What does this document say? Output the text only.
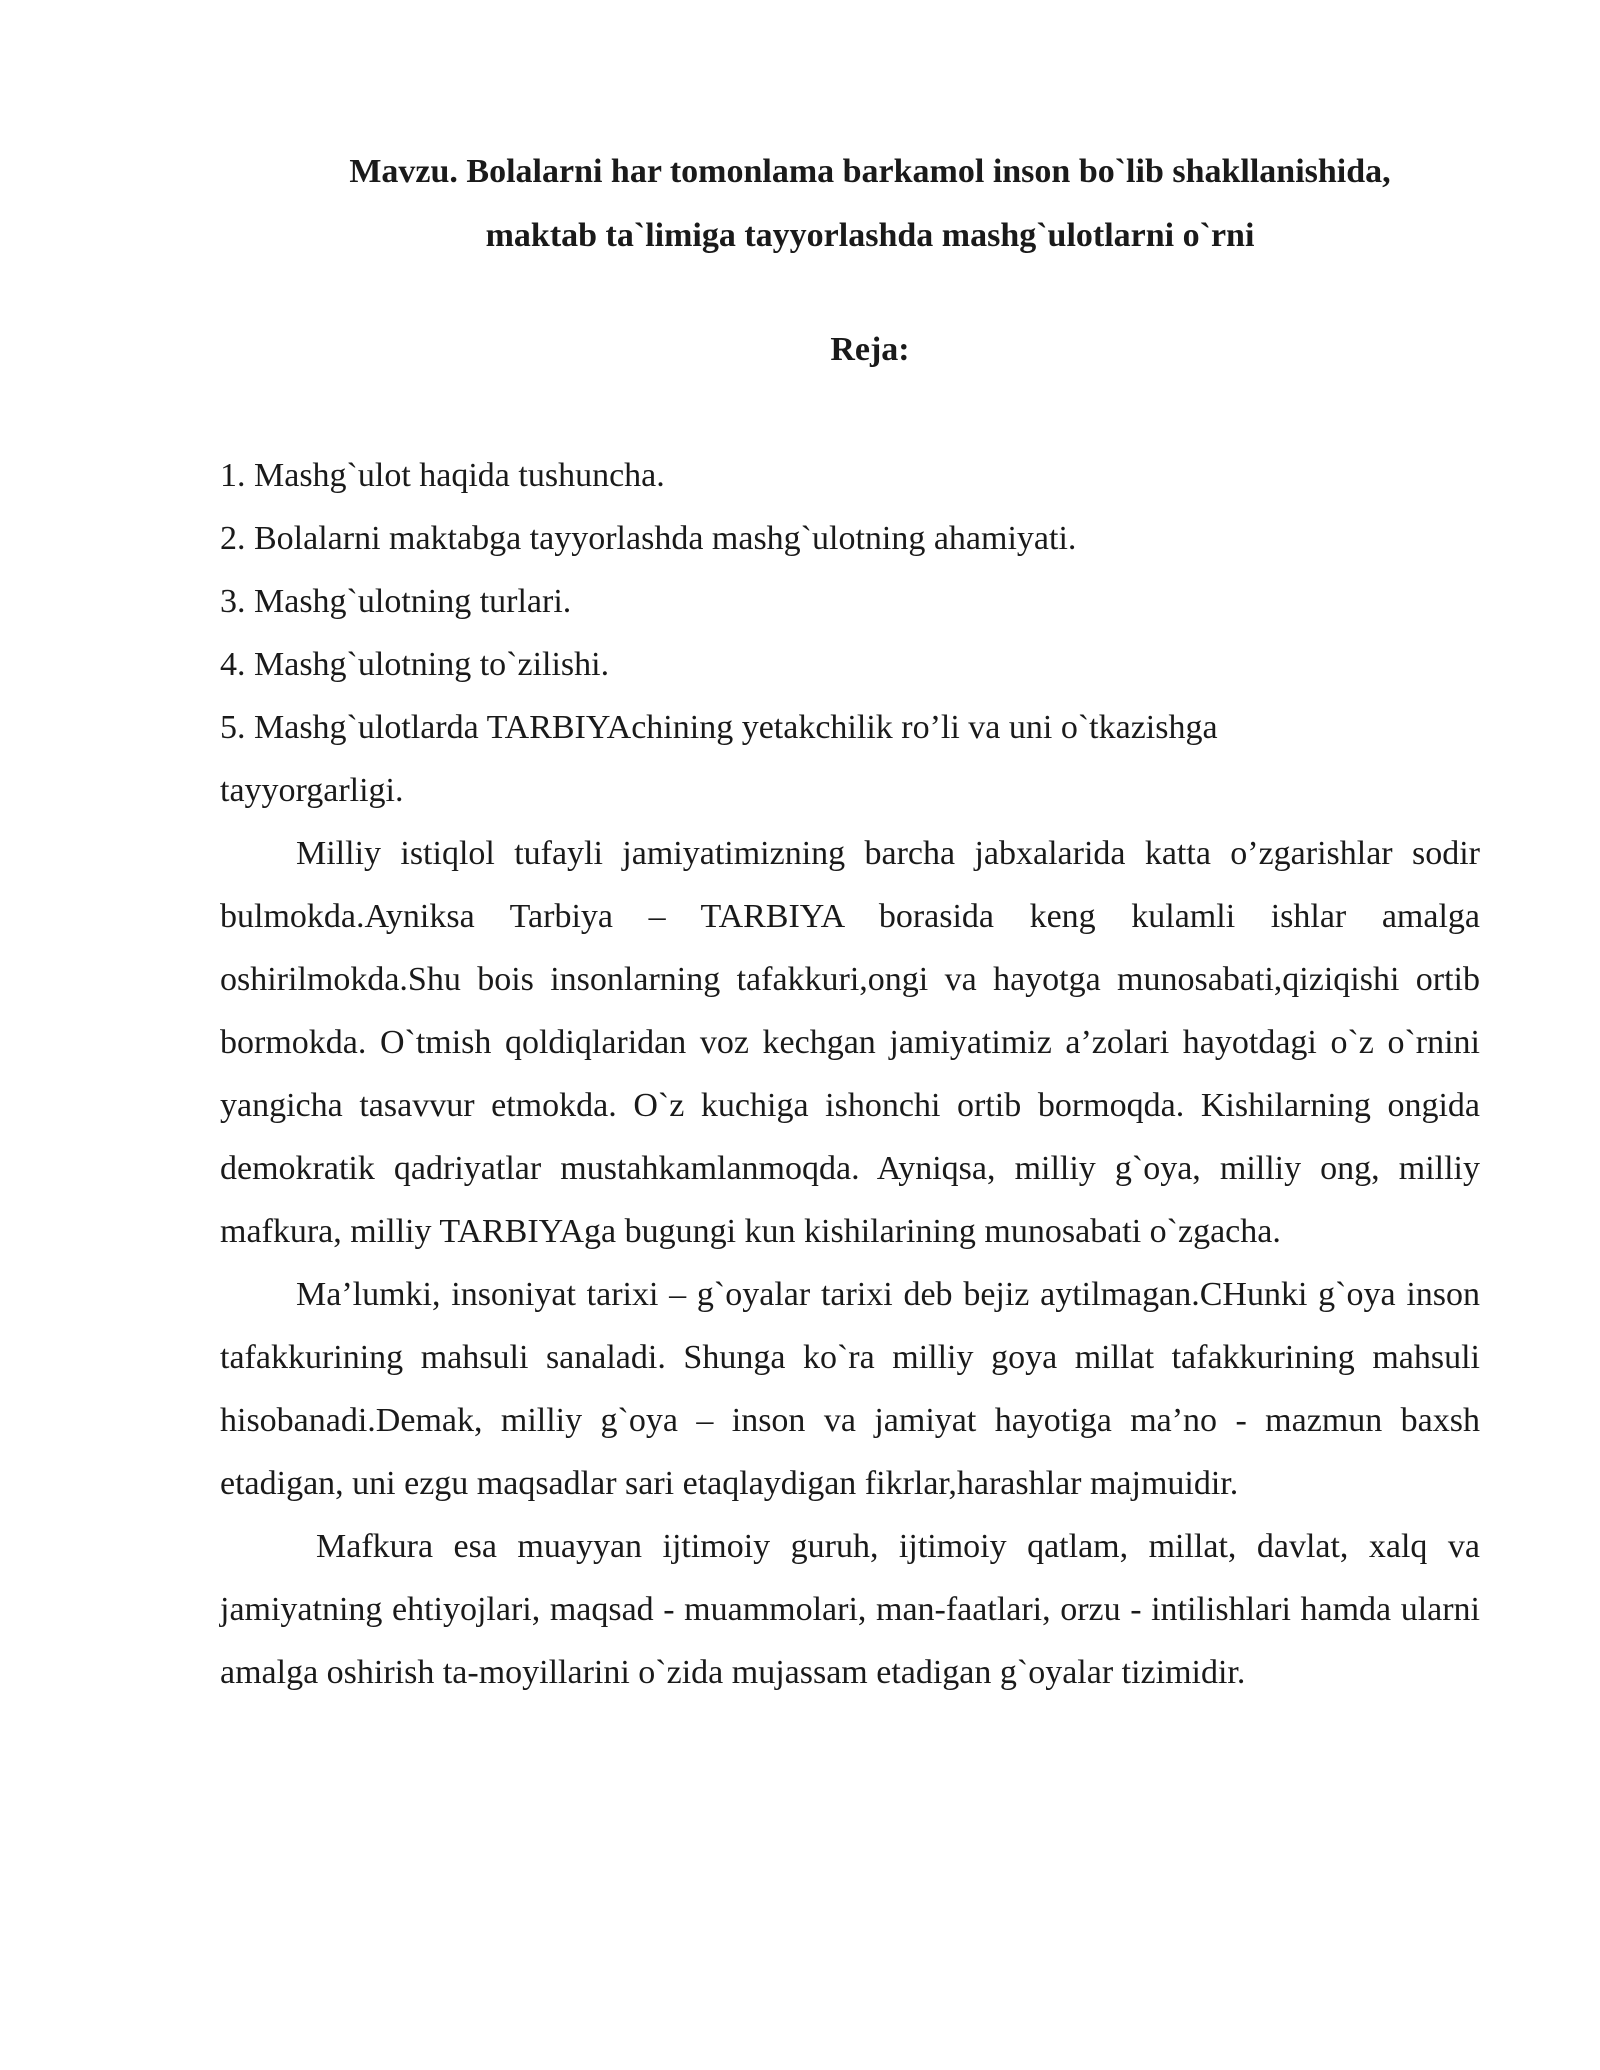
Mavzu. Bolalarni har tomonlama barkamol inson bo`lib shakllanishida,
maktab ta`limiga tayyorlashda mashg`ulotlarni o`rni
Reja:
1. Mashg`ulot haqida tushuncha.
2. Bolalarni maktabga tayyorlashda mashg`ulotning ahamiyati.
3. Mashg`ulotning turlari.
4. Mashg`ulotning to`zilishi.
5. Mashg`ulotlarda TARBIYAchining yetakchilik ro’li va uni o`tkazishga tayyorgarligi.

Milliy istiqlol tufayli jamiyatimizning barcha jabxalarida katta o’zgarishlar sodir bulmokda.Ayniksa Tarbiya – TARBIYA borasida keng kulamli ishlar amalga oshirilmokda.Shu bois insonlarning tafakkuri,ongi va hayotga munosabati,qiziqishi ortib bormokda. O`tmish qoldiqlaridan voz kechgan jamiyatimiz a’zolari hayotdagi o`z o`rnini yangicha tasavvur etmokda. O`z kuchiga ishonchi ortib bormoqda. Kishilarning ongida demokratik qadriyatlar mustahkamlanmoqda. Ayniqsa, milliy g`oya, milliy ong, milliy mafkura, milliy TARBIYAga bugungi kun kishilarining munosabati o`zgacha.

Ma’lumki, insoniyat tarixi – g`oyalar tarixi deb bejiz aytilmagan.CHunki g`oya inson tafakkurining mahsuli sanaladi. Shunga ko`ra milliy goya millat tafakkurining mahsuli hisobanadi.Demak, milliy g`oya – inson va jamiyat hayotiga ma’no - mazmun baxsh etadigan, uni ezgu maqsadlar sari etaqlaydigan fikrlar,harashlar majmuidir.

Mafkura esa muayyan ijtimoiy guruh, ijtimoiy qatlam, millat, davlat, xalq va jamiyatning ehtiyojlari, maqsad - muammolari, man-faatlari, orzu - intilishlari hamda ularni amalga oshirish ta-moyillarini o`zida mujassam etadigan g`oyalar tizimidir.
